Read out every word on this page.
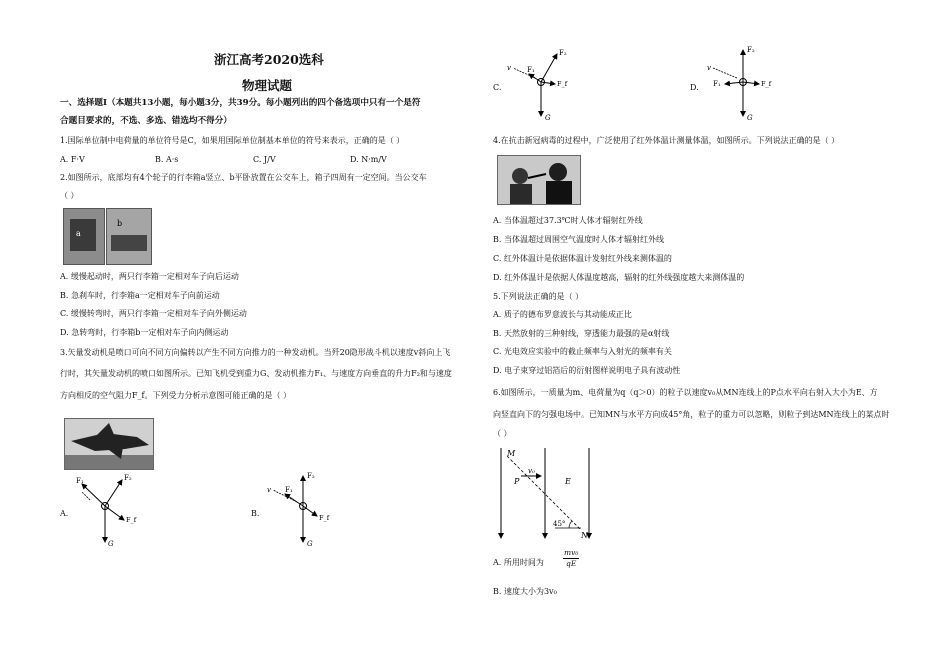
浙江高考2020选科
物理试题
一、选择题Ⅰ（本题共13小题，每小题3分，共39分。每小题列出的四个备选项中只有一个是符
合题目要求的，不选、多选、错选均不得分）
1.国际单位制中电荷量的单位符号是C，如果用国际单位制基本单位的符号来表示，正确的是（ ）
A. F·V	B. A·s	C. J/V	D. N·m/V
2.如图所示，底部均有4个轮子的行李箱a竖立、b平卧放置在公交车上，箱子四周有一定空间。当公交车
（ ）
a
b
A. 缓慢起动时，两只行李箱一定相对车子向后运动
B. 急刹车时，行李箱a一定相对车子向前运动
C. 缓慢转弯时，两只行李箱一定相对车子向外侧运动
D. 急转弯时，行李箱b一定相对车子向内侧运动
3.矢量发动机是喷口可向不同方向偏转以产生不同方向推力的一种发动机。当歼20隐形战斗机以速度v斜向上飞
行时，其矢量发动机的喷口如图所示。已知飞机受到重力G、发动机推力F₁、与速度方向垂直的升力F₂和与速度
方向相反的空气阻力F_f。下列受力分析示意图可能正确的是（ ）
A.
F₁	F₂
F_f
G
B.
v
F₂
F₁
F_f
G
C.
v
F₂
F₁
F_f
G
D.
v
F₂
F₁	F_f
G
4.在抗击新冠病毒的过程中，广泛使用了红外体温计测量体温，如图所示。下列说法正确的是（ ）
A. 当体温超过37.3℃时人体才辐射红外线
B. 当体温超过周围空气温度时人体才辐射红外线
C. 红外体温计是依据体温计发射红外线来测体温的
D. 红外体温计是依据人体温度越高，辐射的红外线强度越大来测体温的
5.下列说法正确的是（ ）
A. 质子的德布罗意波长与其动能成正比
B. 天然放射的三种射线，穿透能力最强的是α射线
C. 光电效应实验中的截止频率与入射光的频率有关
D. 电子束穿过铝箔后的衍射图样说明电子具有波动性
6.如图所示，一质量为m、电荷量为q（q＞0）的粒子以速度v₀从MN连线上的P点水平向右射入大小为E、方
向竖直向下的匀强电场中。已知MN与水平方向成45°角，粒子的重力可以忽略，则粒子到达MN连线上的某点时
（ ）
M
P
v₀
E
45°
N
A. 所用时间为	$\frac{\text{mv₀}}{qE}$
B. 速度大小为3v₀
